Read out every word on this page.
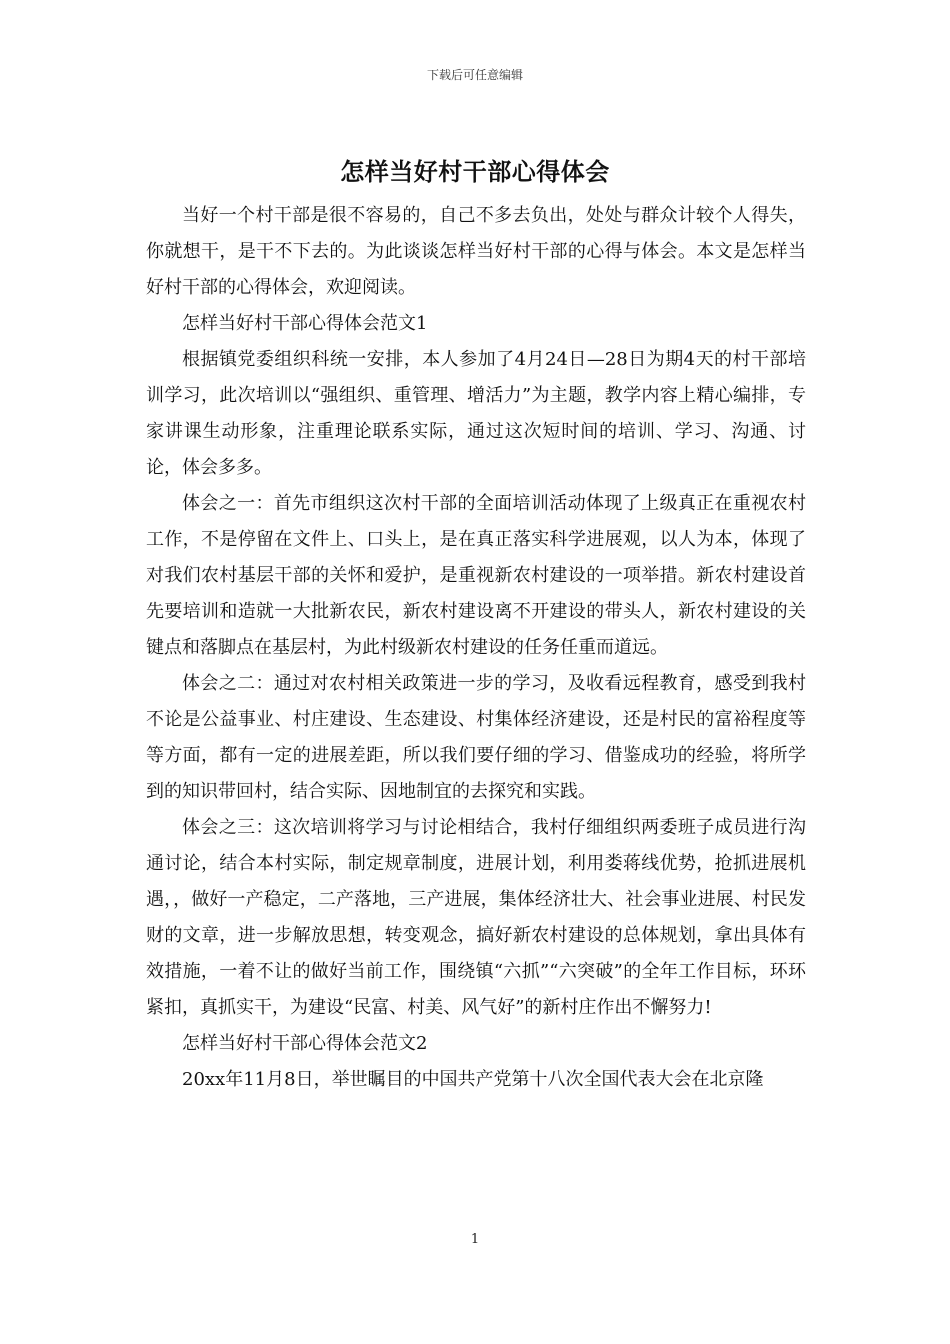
下载后可任意编辑
怎样当好村干部心得体会

当好一个村干部是很不容易的，自己不多去负出，处处与群众计较个人得失，你就想干，是干不下去的。为此谈谈怎样当好村干部的心得与体会。本文是怎样当好村干部的心得体会，欢迎阅读。

怎样当好村干部心得体会范文1

根据镇党委组织科统一安排，本人参加了4月24日—28日为期4天的村干部培训学习，此次培训以“强组织、重管理、增活力”为主题，教学内容上精心编排，专家讲课生动形象，注重理论联系实际，通过这次短时间的培训、学习、沟通、讨论，体会多多。

体会之一：首先市组织这次村干部的全面培训活动体现了上级真正在重视农村工作，不是停留在文件上、口头上，是在真正落实科学进展观，以人为本，体现了对我们农村基层干部的关怀和爱护，是重视新农村建设的一项举措。新农村建设首先要培训和造就一大批新农民，新农村建设离不开建设的带头人，新农村建设的关键点和落脚点在基层村，为此村级新农村建设的任务任重而道远。

体会之二：通过对农村相关政策进一步的学习，及收看远程教育，感受到我村不论是公益事业、村庄建设、生态建设、村集体经济建设，还是村民的富裕程度等等方面，都有一定的进展差距，所以我们要仔细的学习、借鉴成功的经验，将所学到的知识带回村，结合实际、因地制宜的去探究和实践。

体会之三：这次培训将学习与讨论相结合，我村仔细组织两委班子成员进行沟通讨论，结合本村实际，制定规章制度，进展计划，利用娄蒋线优势，抢抓进展机遇，，做好一产稳定，二产落地，三产进展，集体经济壮大、社会事业进展、村民发财的文章，进一步解放思想，转变观念，搞好新农村建设的总体规划，拿出具体有效措施，一着不让的做好当前工作，围绕镇“六抓”“六突破”的全年工作目标，环环紧扣，真抓实干，为建设“民富、村美、风气好”的新村庄作出不懈努力!

怎样当好村干部心得体会范文2

20xx年11月8日，举世瞩目的中国共产党第十八次全国代表大会在北京隆

1
